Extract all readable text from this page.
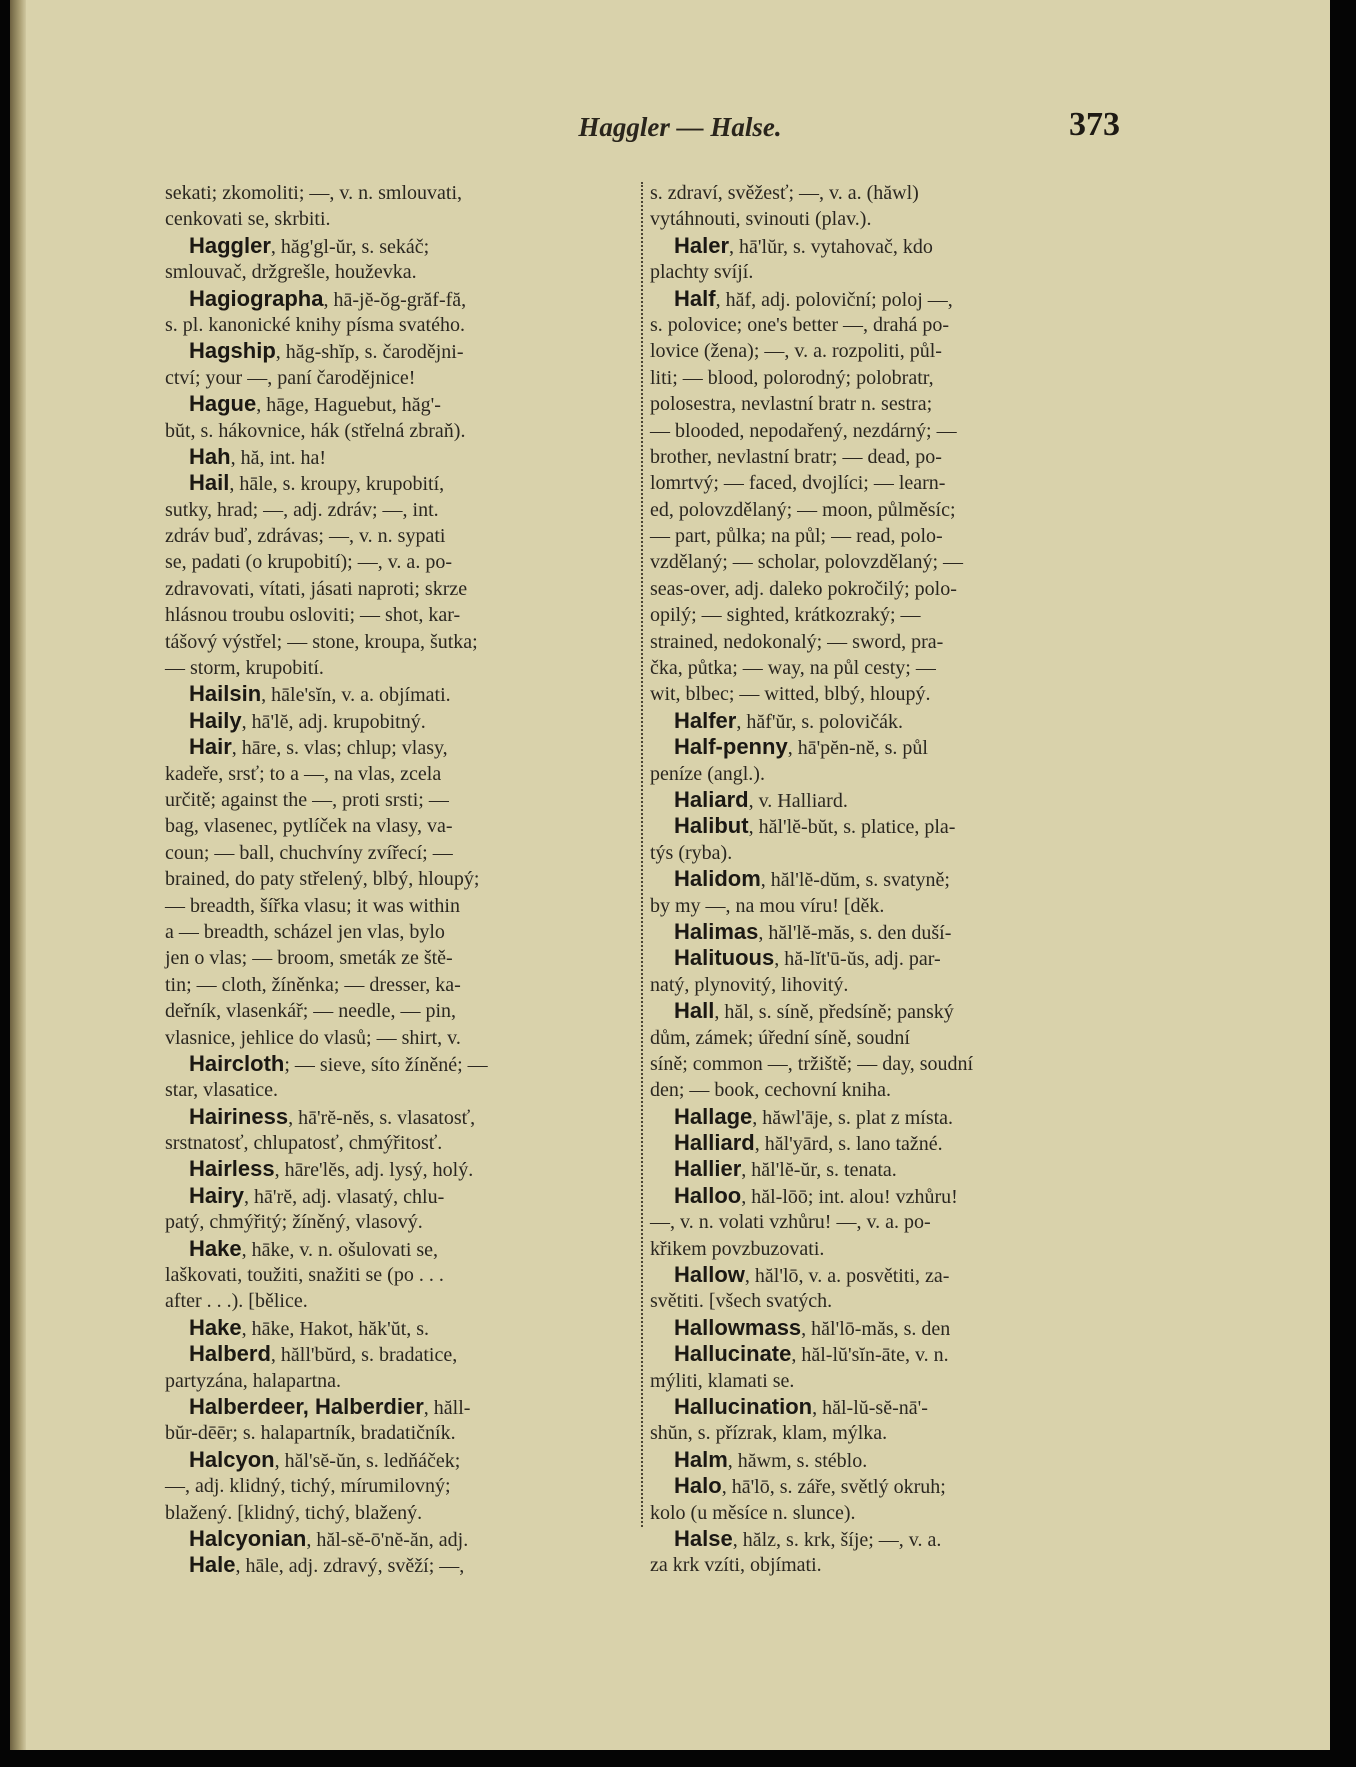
Haggler — Halse.	373
sekati; zkomoliti; —, v. n. smlouvati,
cenkovati se, skrbiti.
Haggler, hăg'gl-ŭr, s. sekáč;
smlouvač, držgrešle, houževka.
Hagiographa, hā-jĕ-ŏg-grăf-fă,
s. pl. kanonické knihy písma svatého.
Hagship, hăg-shĭp, s. čarodějni-
ctví; your —, paní čarodějnice!
Hague, hāge, Haguebut, hăg'-
bŭt, s. hákovnice, hák (střelná zbraň).
Hah, hă, int. ha!
Hail, hāle, s. kroupy, krupobití,
sutky, hrad; —, adj. zdráv; —, int.
zdráv buď, zdrávas; —, v. n. sypati
se, padati (o krupobití); —, v. a. po-
zdravovati, vítati, jásati naproti; skrze
hlásnou troubu osloviti; — shot, kar-
tášový výstřel; — stone, kroupa, šutka;
— storm, krupobití.
Hailsin, hāle'sĭn, v. a. objímati.
Haily, hā'lĕ, adj. krupobitný.
Hair, hāre, s. vlas; chlup; vlasy,
kadeře, srsť; to a —, na vlas, zcela
určitě; against the —, proti srsti; —
bag, vlasenec, pytlíček na vlasy, va-
coun; — ball, chuchvíny zvířecí; —
brained, do paty střelený, blbý, hloupý;
— breadth, šířka vlasu; it was within
a — breadth, scházel jen vlas, bylo
jen o vlas; — broom, smeták ze ště-
tin; — cloth, žíněnka; — dresser, ka-
deřník, vlasenkář; — needle, — pin,
vlasnice, jehlice do vlasů; — shirt, v.
Haircloth; — sieve, síto žíněné; —
star, vlasatice.
Hairiness, hā'rĕ-nĕs, s. vlasatosť,
srstnatosť, chlupatosť, chmýřitosť.
Hairless, hāre'lĕs, adj. lysý, holý.
Hairy, hā'rĕ, adj. vlasatý, chlu-
patý, chmýřitý; žíněný, vlasový.
Hake, hāke, v. n. ošulovati se,
laškovati, toužiti, snažiti se (po . . .
after . . .). [bělice.
Hake, hāke, Hakot, hăk'ŭt, s.
Halberd, hăll'bŭrd, s. bradatice,
partyzána, halapartna.
Halberdeer, Halberdier, hăll-
bŭr-dēēr; s. halapartník, bradatičník.
Halcyon, hăl'sĕ-ŭn, s. ledňáček;
—, adj. klidný, tichý, mírumilovný;
blažený. [klidný, tichý, blažený.
Halcyonian, hăl-sĕ-ō'nĕ-ăn, adj.
Hale, hāle, adj. zdravý, svěží; —,
s. zdraví, svěžesť; —, v. a. (hăwl)
vytáhnouti, svinouti (plav.).
Haler, hā'lŭr, s. vytahovač, kdo
plachty svíjí.
Half, hăf, adj. poloviční; poloj —,
s. polovice; one's better —, drahá po-
lovice (žena); —, v. a. rozpoliti, půl-
liti; — blood, polorodný; polobratr,
polosestra, nevlastní bratr n. sestra;
— blooded, nepodařený, nezdárný; —
brother, nevlastní bratr; — dead, po-
lomrtvý; — faced, dvojlíci; — learn-
ed, polovzdělaný; — moon, půlměsíc;
— part, půlka; na půl; — read, polo-
vzdělaný; — scholar, polovzdělaný; —
seas-over, adj. daleko pokročilý; polo-
opilý; — sighted, krátkozraký; —
strained, nedokonalý; — sword, pra-
čka, půtka; — way, na půl cesty; —
wit, blbec; — witted, blbý, hloupý.
Halfer, hăf'ŭr, s. polovičák.
Half-penny, hā'pĕn-nĕ, s. půl
peníze (angl.).
Haliard, v. Halliard.
Halibut, hăl'lĕ-bŭt, s. platice, pla-
týs (ryba).
Halidom, hăl'lĕ-dŭm, s. svatyně;
by my —, na mou víru! [děk.
Halimas, hăl'lĕ-măs, s. den duší-
Halituous, hă-lĭt'ū-ŭs, adj. par-
natý, plynovitý, lihovitý.
Hall, hăl, s. síně, předsíně; panský
dům, zámek; úřední síně, soudní
síně; common —, tržiště; — day, soudní
den; — book, cechovní kniha.
Hallage, hăwl'āje, s. plat z místa.
Halliard, hăl'yārd, s. lano tažné.
Hallier, hăl'lĕ-ŭr, s. tenata.
Halloo, hăl-lōō; int. alou! vzhůru!
—, v. n. volati vzhůru! —, v. a. po-
křikem povzbuzovati.
Hallow, hăl'lō, v. a. posvětiti, za-
světiti. [všech svatých.
Hallowmass, hăl'lō-măs, s. den
Hallucinate, hăl-lŭ'sĭn-āte, v. n.
mýliti, klamati se.
Hallucination, hăl-lŭ-sĕ-nā'-
shŭn, s. přízrak, klam, mýlka.
Halm, hăwm, s. stéblo.
Halo, hā'lō, s. záře, světlý okruh;
kolo (u měsíce n. slunce).
Halse, hălz, s. krk, šíje; —, v. a.
za krk vzíti, objímati.
